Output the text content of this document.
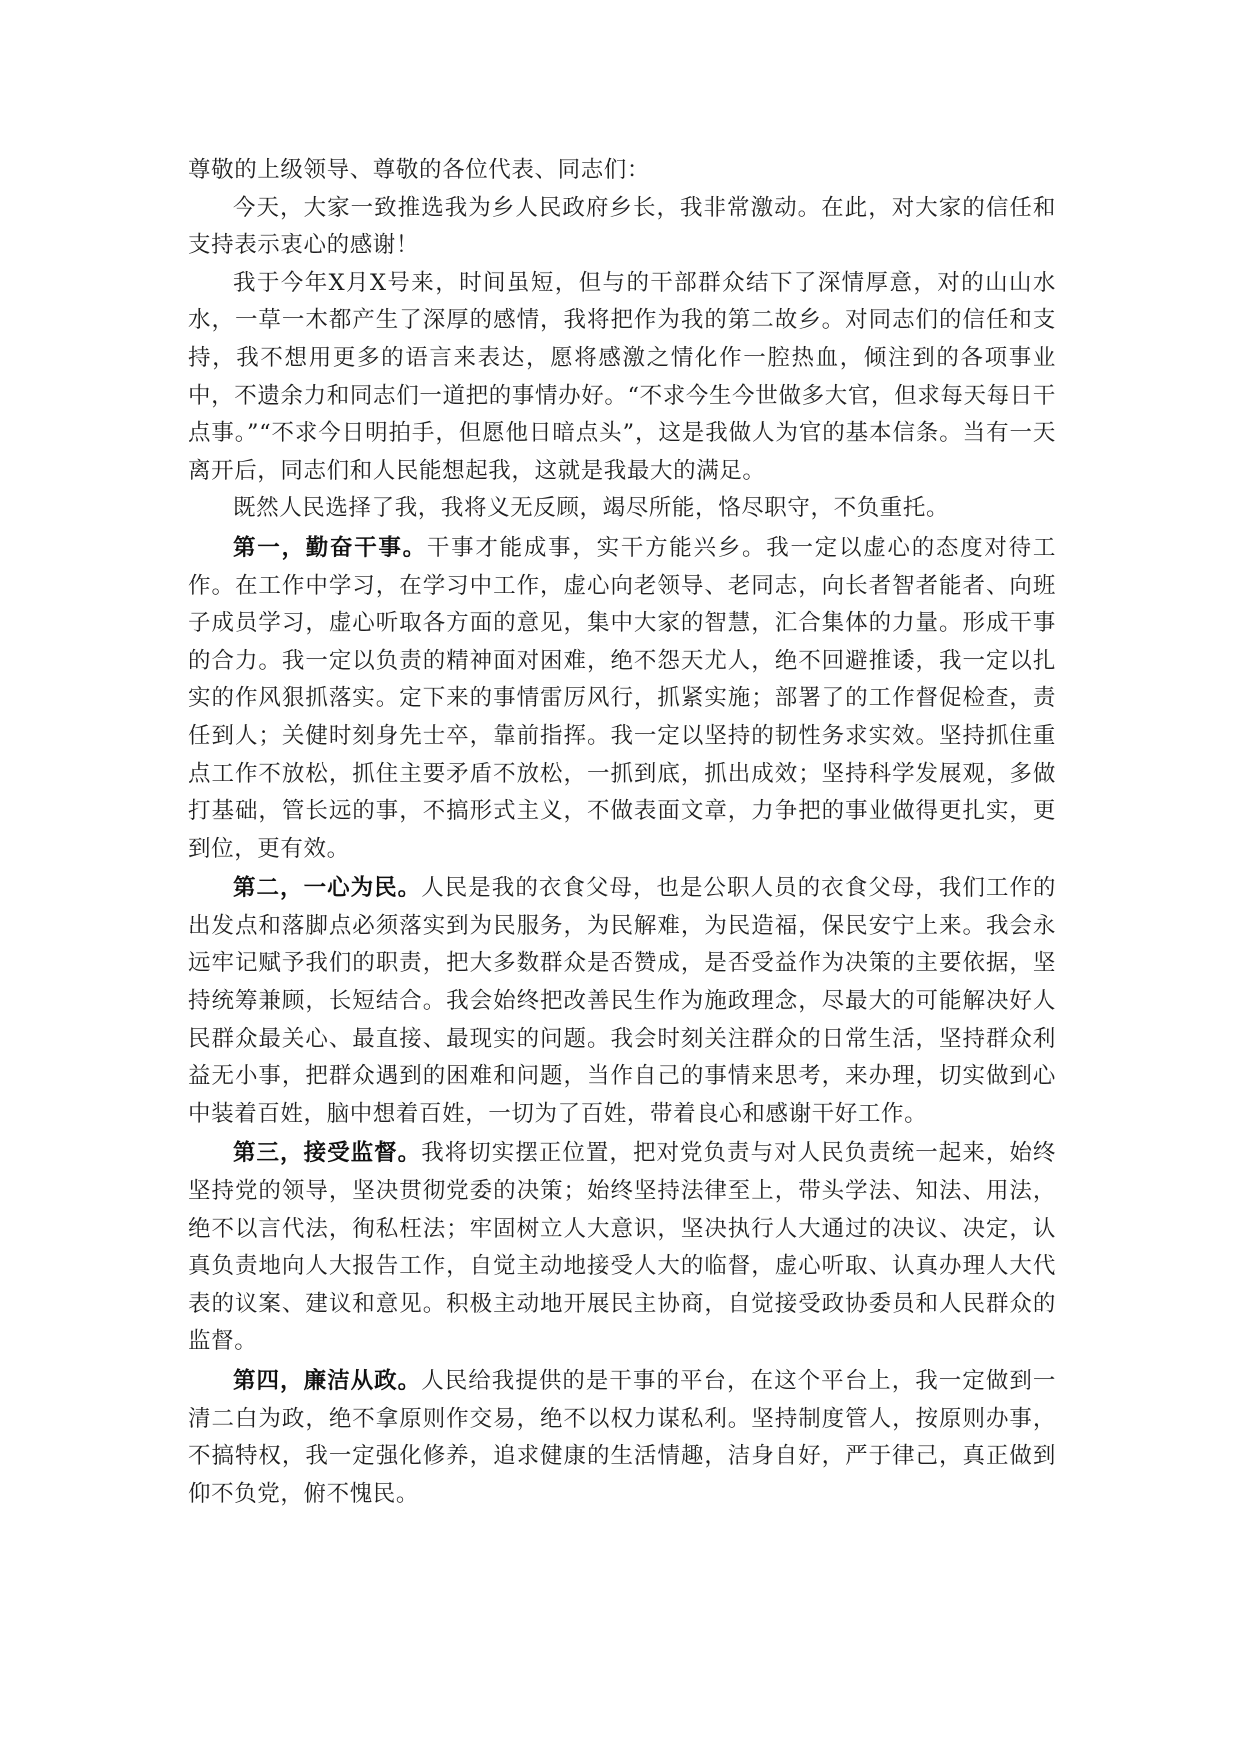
尊敬的上级领导、尊敬的各位代表、同志们：

今天，大家一致推选我为乡人民政府乡长，我非常激动。在此，对大家的信任和支持表示衷心的感谢！

我于今年X月X号来，时间虽短，但与的干部群众结下了深情厚意，对的山山水水，一草一木都产生了深厚的感情，我将把作为我的第二故乡。对同志们的信任和支持，我不想用更多的语言来表达，愿将感激之情化作一腔热血，倾注到的各项事业中，不遗余力和同志们一道把的事情办好。“不求今生今世做多大官，但求每天每日干点事。”“不求今日明拍手，但愿他日暗点头”，这是我做人为官的基本信条。当有一天离开后，同志们和人民能想起我，这就是我最大的满足。

既然人民选择了我，我将义无反顾，竭尽所能，恪尽职守，不负重托。

第一，勤奋干事。干事才能成事，实干方能兴乡。我一定以虚心的态度对待工作。在工作中学习，在学习中工作，虚心向老领导、老同志，向长者智者能者、向班子成员学习，虚心听取各方面的意见，集中大家的智慧，汇合集体的力量。形成干事的合力。我一定以负责的精神面对困难，绝不怨天尤人，绝不回避推诿，我一定以扎实的作风狠抓落实。定下来的事情雷厉风行，抓紧实施；部署了的工作督促检查，责任到人；关健时刻身先士卒，靠前指挥。我一定以坚持的韧性务求实效。坚持抓住重点工作不放松，抓住主要矛盾不放松，一抓到底，抓出成效；坚持科学发展观，多做打基础，管长远的事，不搞形式主义，不做表面文章，力争把的事业做得更扎实，更到位，更有效。

第二，一心为民。人民是我的衣食父母，也是公职人员的衣食父母，我们工作的出发点和落脚点必须落实到为民服务，为民解难，为民造福，保民安宁上来。我会永远牢记赋予我们的职责，把大多数群众是否赞成，是否受益作为决策的主要依据，坚持统筹兼顾，长短结合。我会始终把改善民生作为施政理念，尽最大的可能解决好人民群众最关心、最直接、最现实的问题。我会时刻关注群众的日常生活，坚持群众利益无小事，把群众遇到的困难和问题，当作自己的事情来思考，来办理，切实做到心中装着百姓，脑中想着百姓，一切为了百姓，带着良心和感谢干好工作。

第三，接受监督。我将切实摆正位置，把对党负责与对人民负责统一起来，始终坚持党的领导，坚决贯彻党委的决策；始终坚持法律至上，带头学法、知法、用法，绝不以言代法，徇私枉法；牢固树立人大意识，坚决执行人大通过的决议、决定，认真负责地向人大报告工作，自觉主动地接受人大的临督，虚心听取、认真办理人大代表的议案、建议和意见。积极主动地开展民主协商，自觉接受政协委员和人民群众的监督。

第四，廉洁从政。人民给我提供的是干事的平台，在这个平台上，我一定做到一清二白为政，绝不拿原则作交易，绝不以权力谋私利。坚持制度管人，按原则办事，不搞特权，我一定强化修养，追求健康的生活情趣，洁身自好，严于律己，真正做到仰不负党，俯不愧民。
